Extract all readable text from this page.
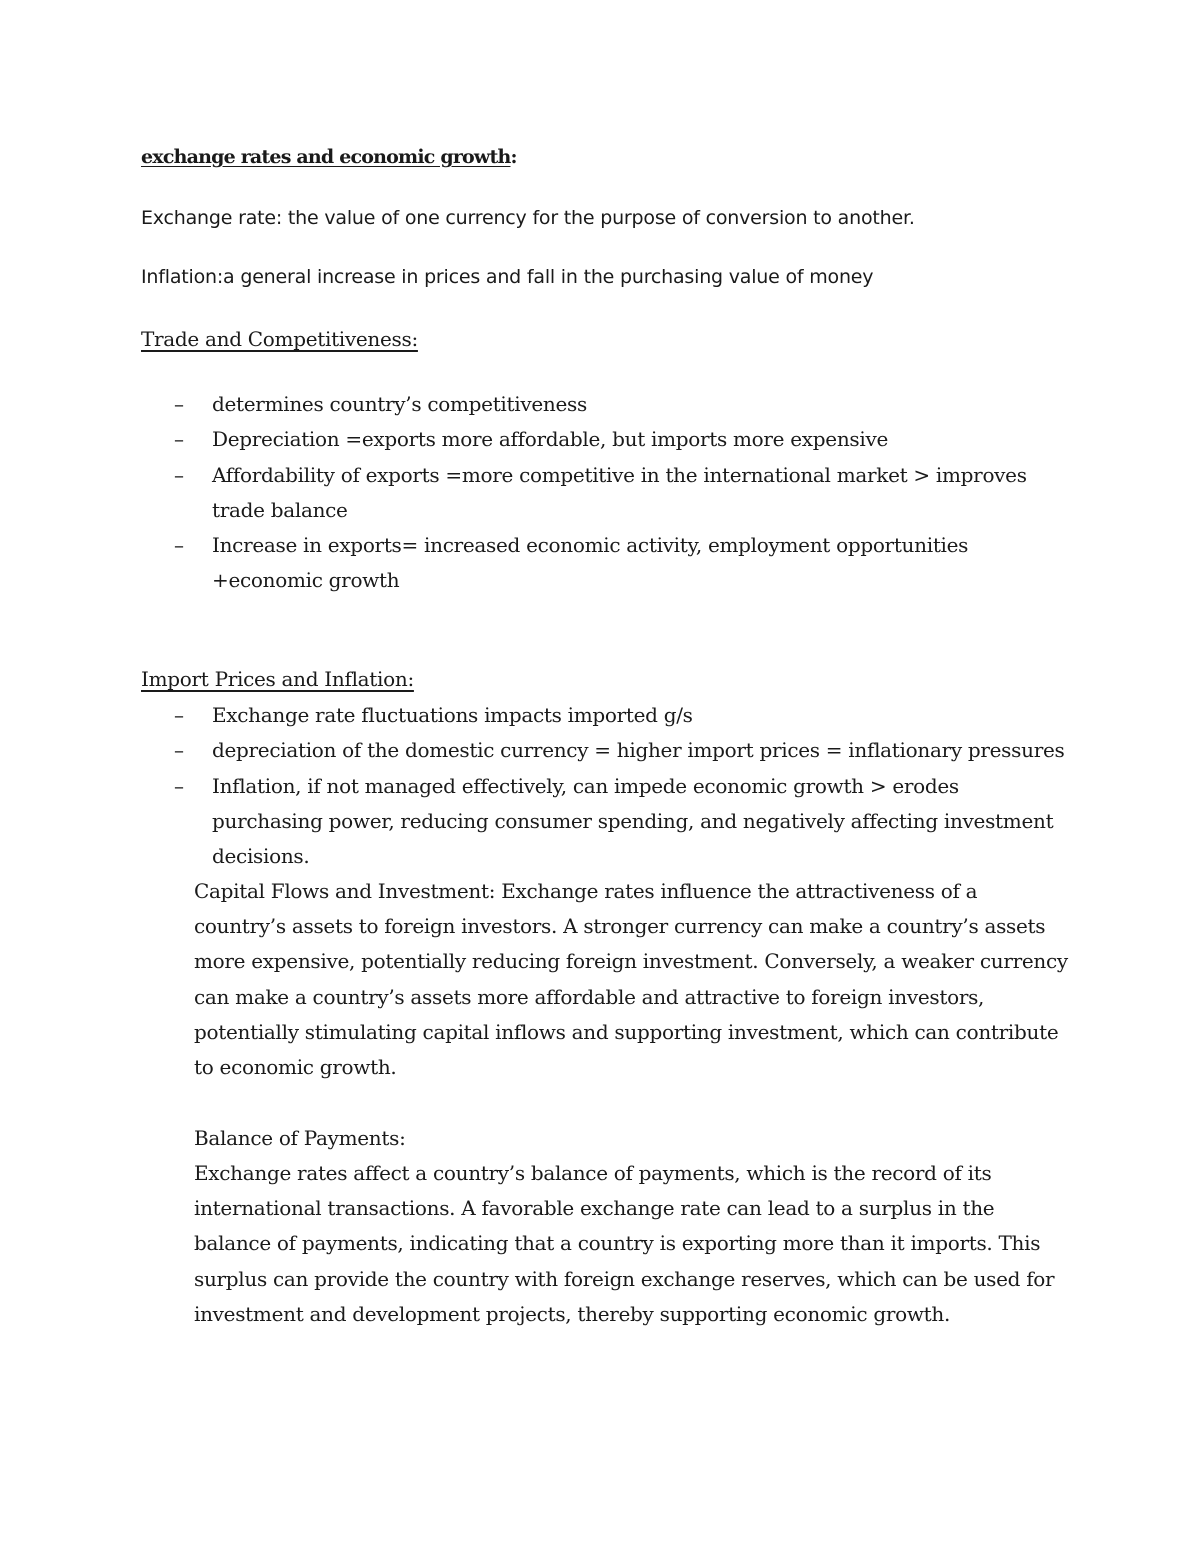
exchange rates and economic growth:
Exchange rate: the value of one currency for the purpose of conversion to another.
Inflation:a general increase in prices and fall in the purchasing value of money
Trade and Competitiveness:
– determines country’s competitiveness
– Depreciation =exports more affordable, but imports more expensive
– Affordability of exports =more competitive in the international market > improves trade balance
– Increase in exports= increased economic activity, employment opportunities +economic growth
Import Prices and Inflation:
– Exchange rate fluctuations impacts imported g/s
– depreciation of the domestic currency = higher import prices = inflationary pressures
– Inflation, if not managed effectively, can impede economic growth > erodes purchasing power, reducing consumer spending, and negatively affecting investment decisions.

Capital Flows and Investment: Exchange rates influence the attractiveness of a country’s assets to foreign investors. A stronger currency can make a country’s assets more expensive, potentially reducing foreign investment. Conversely, a weaker currency can make a country’s assets more affordable and attractive to foreign investors, potentially stimulating capital inflows and supporting investment, which can contribute to economic growth.

Balance of Payments:

Exchange rates affect a country’s balance of payments, which is the record of its international transactions. A favorable exchange rate can lead to a surplus in the balance of payments, indicating that a country is exporting more than it imports. This surplus can provide the country with foreign exchange reserves, which can be used for investment and development projects, thereby supporting economic growth.
